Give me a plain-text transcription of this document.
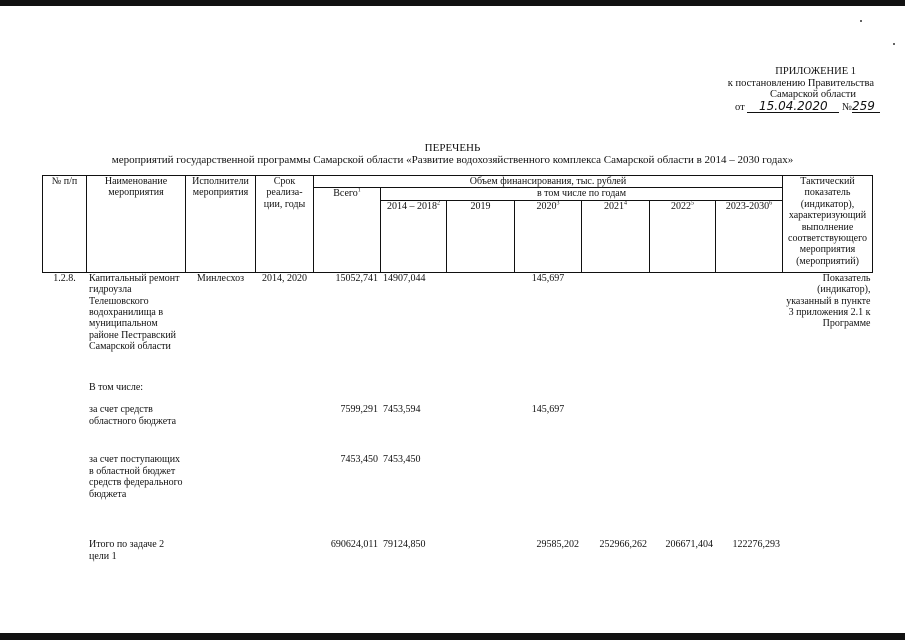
ПРИЛОЖЕНИЕ 1
к постановлению Правительства
Самарской области
от 15.04.2020 №259
ПЕРЕЧЕНЬ
мероприятий государственной программы Самарской области «Развитие водохозяйственного комплекса Самарской области в 2014 – 2030 годах»
№ п/п	Наименование мероприятия	Исполнители мероприятия	Срок реализа-ции, годы	Объем финансирования, тыс. рублей							Тактический показатель (индикатор), характеризующий выполнение соответствующего мероприятия (мероприятий)
				Всего$^1$	в том числе по годам						
					2014 – 2018$^2$	2019	2020$^3$	2021$^4$	2022$^5$	2023-2030$^6$
1.2.8.	Капитальный ремонт гидроузла Телешовского водохранилища в муниципальном районе Пестравский Самарской области	Минлесхоз	2014, 2020	15052,741	14907,044		145,697				Показатель (индикатор), указанный в пункте 3 приложения 2.1 к Программе
	В том числе:										
	за счет средств областного бюджета			7599,291	7453,594		145,697				
	за счет поступающих в областной бюджет средств федерального бюджета			7453,450	7453,450						
	Итого по задаче 2 цели 1			690624,011	79124,850		29585,202	252966,262	206671,404	122276,293	
